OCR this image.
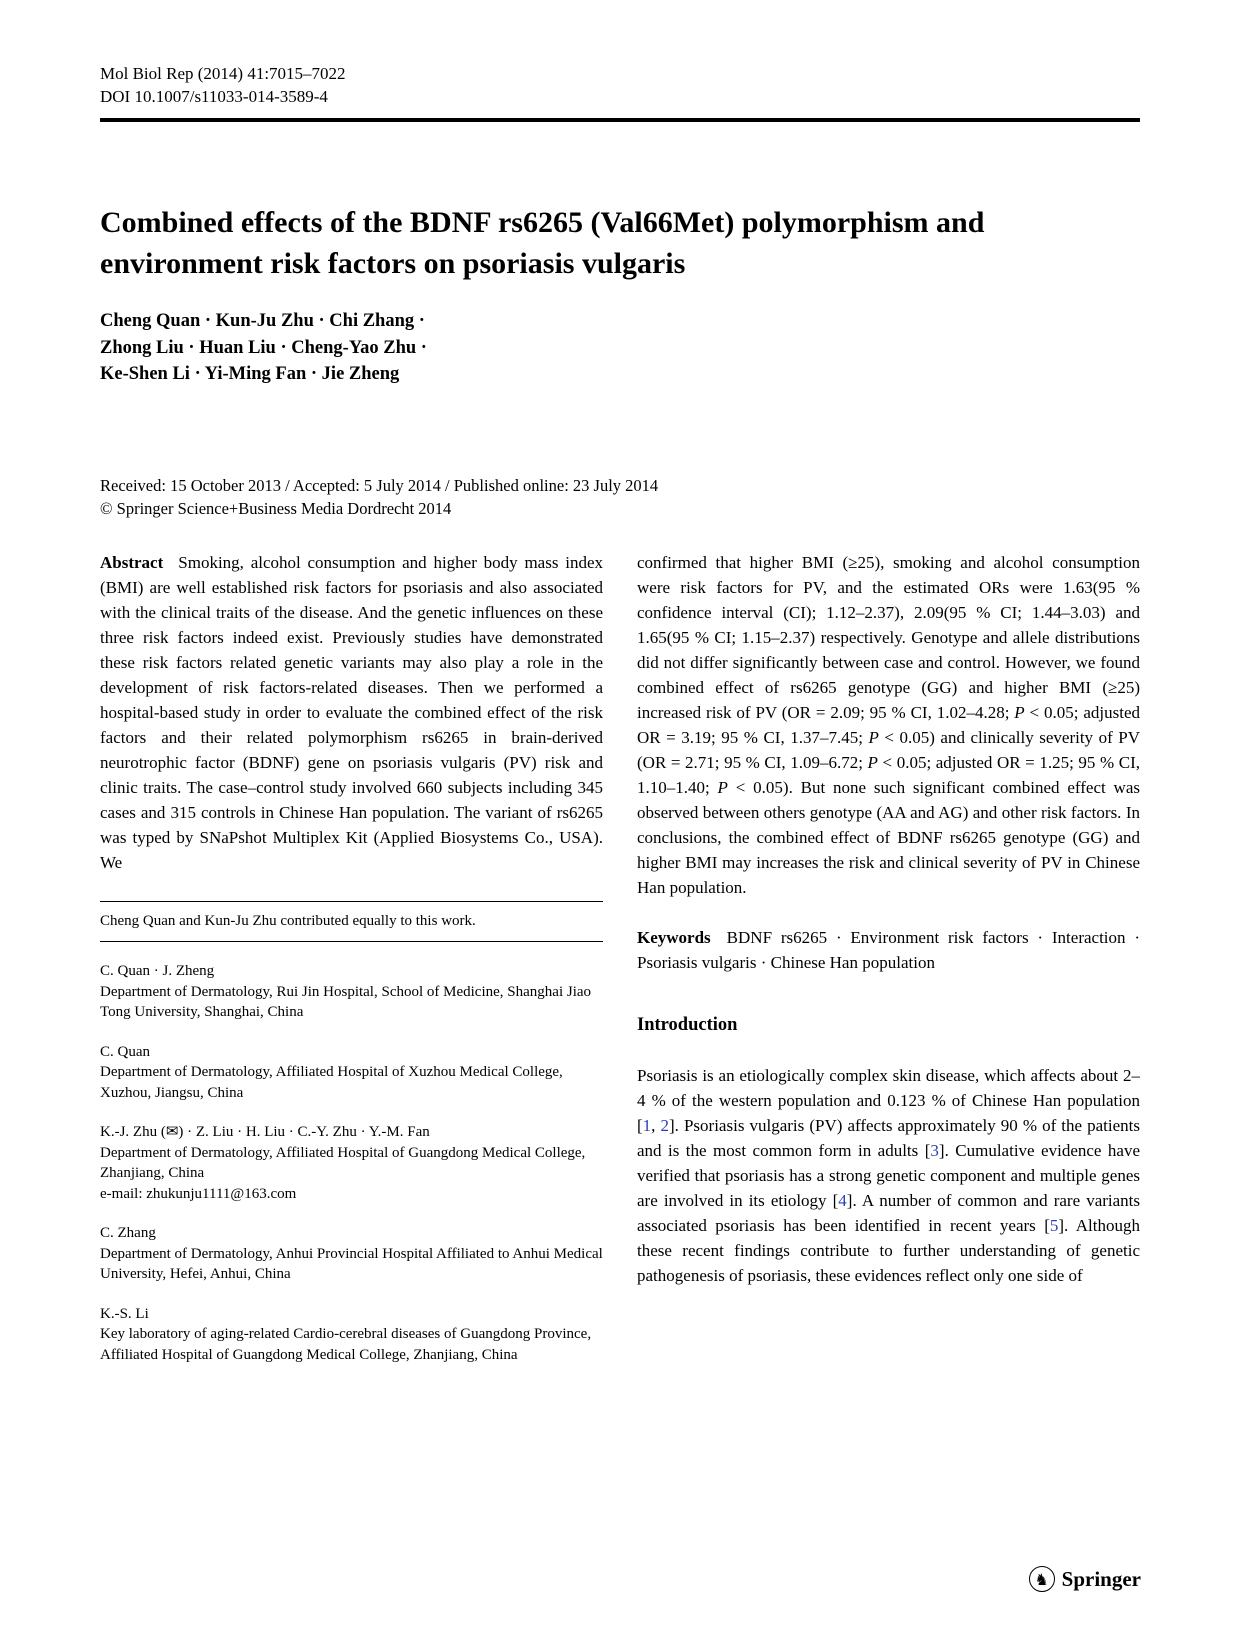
Mol Biol Rep (2014) 41:7015–7022
DOI 10.1007/s11033-014-3589-4
Combined effects of the BDNF rs6265 (Val66Met) polymorphism and environment risk factors on psoriasis vulgaris
Cheng Quan · Kun-Ju Zhu · Chi Zhang ·
Zhong Liu · Huan Liu · Cheng-Yao Zhu ·
Ke-Shen Li · Yi-Ming Fan · Jie Zheng
Received: 15 October 2013 / Accepted: 5 July 2014 / Published online: 23 July 2014
© Springer Science+Business Media Dordrecht 2014

Abstract Smoking, alcohol consumption and higher body mass index (BMI) are well established risk factors for psoriasis and also associated with the clinical traits of the disease. And the genetic influences on these three risk factors indeed exist. Previously studies have demonstrated these risk factors related genetic variants may also play a role in the development of risk factors-related diseases. Then we performed a hospital-based study in order to evaluate the combined effect of the risk factors and their related polymorphism rs6265 in brain-derived neurotrophic factor (BDNF) gene on psoriasis vulgaris (PV) risk and clinic traits. The case–control study involved 660 subjects including 345 cases and 315 controls in Chinese Han population. The variant of rs6265 was typed by SNaPshot Multiplex Kit (Applied Biosystems Co., USA). We

Cheng Quan and Kun-Ju Zhu contributed equally to this work.
C. Quan · J. Zheng
Department of Dermatology, Rui Jin Hospital, School of Medicine, Shanghai Jiao Tong University, Shanghai, China
C. Quan
Department of Dermatology, Affiliated Hospital of Xuzhou Medical College, Xuzhou, Jiangsu, China
K.-J. Zhu (✉) · Z. Liu · H. Liu · C.-Y. Zhu · Y.-M. Fan
Department of Dermatology, Affiliated Hospital of Guangdong Medical College, Zhanjiang, China
e-mail: zhukunju1111@163.com
C. Zhang
Department of Dermatology, Anhui Provincial Hospital Affiliated to Anhui Medical University, Hefei, Anhui, China
K.-S. Li
Key laboratory of aging-related Cardio-cerebral diseases of Guangdong Province, Affiliated Hospital of Guangdong Medical College, Zhanjiang, China

confirmed that higher BMI (≥25), smoking and alcohol consumption were risk factors for PV, and the estimated ORs were 1.63(95 % confidence interval (CI); 1.12–2.37), 2.09(95 % CI; 1.44–3.03) and 1.65(95 % CI; 1.15–2.37) respectively. Genotype and allele distributions did not differ significantly between case and control. However, we found combined effect of rs6265 genotype (GG) and higher BMI (≥25) increased risk of PV (OR = 2.09; 95 % CI, 1.02–4.28; P < 0.05; adjusted OR = 3.19; 95 % CI, 1.37–7.45; P < 0.05) and clinically severity of PV (OR = 2.71; 95 % CI, 1.09–6.72; P < 0.05; adjusted OR = 1.25; 95 % CI, 1.10–1.40; P < 0.05). But none such significant combined effect was observed between others genotype (AA and AG) and other risk factors. In conclusions, the combined effect of BDNF rs6265 genotype (GG) and higher BMI may increases the risk and clinical severity of PV in Chinese Han population.

Keywords BDNF rs6265 · Environment risk factors · Interaction · Psoriasis vulgaris · Chinese Han population

Introduction

Psoriasis is an etiologically complex skin disease, which affects about 2–4 % of the western population and 0.123 % of Chinese Han population [1, 2]. Psoriasis vulgaris (PV) affects approximately 90 % of the patients and is the most common form in adults [3]. Cumulative evidence have verified that psoriasis has a strong genetic component and multiple genes are involved in its etiology [4]. A number of common and rare variants associated psoriasis has been identified in recent years [5]. Although these recent findings contribute to further understanding of genetic pathogenesis of psoriasis, these evidences reflect only one side of

♞ Springer
